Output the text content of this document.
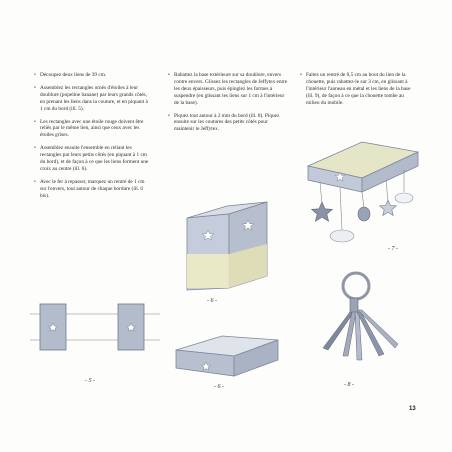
• Découpez deux liens de 39 cm.
• Assemblez les rectangles ornés d'étoiles à leur doublure (popeline banane) par leurs grands côtés, en prenant les liens dans la couture, et en piquant à 1 cm du bord (ill. 5).
• Les rectangles avec une étoile rouge doivent être reliés par le même lien, ainsi que ceux avec les étoiles grises.
• Assemblez ensuite l'ensemble en reliant les rectangles par leurs petits côtés (en piquant à 1 cm du bord), et de façon à ce que les liens forment une croix au centre (ill. 6).
• Avec le fer à repasser, marquez un rentré de 1 cm sur l'envers, tout autour de chaque bordure (ill. 6 bis).
• Rabattez la base extérieure sur sa doublure, envers contre envers. Glissez les rectangles de Jeffytex entre les deux épaisseurs, puis épinglez les formes à suspendre (en glissant les liens sur 1 cm à l'intérieur de la base).
• Piquez tout autour à 2 mm du bord (ill. 8). Piquez ensuite sur les coutures des petits côtés pour maintenir le Jeffytex.
• Faites un rentré de 0,5 cm au bout du lien de la chouette, puis rabattez-le sur 3 cm, en glissant à l'intérieur l'anneau en métal et les liens de la base (ill. 9), de façon à ce que la chouette tombe au milieu du mobile.
- 5 -
- 6 -
- 6 -
- 7 -
- 8 -
13
